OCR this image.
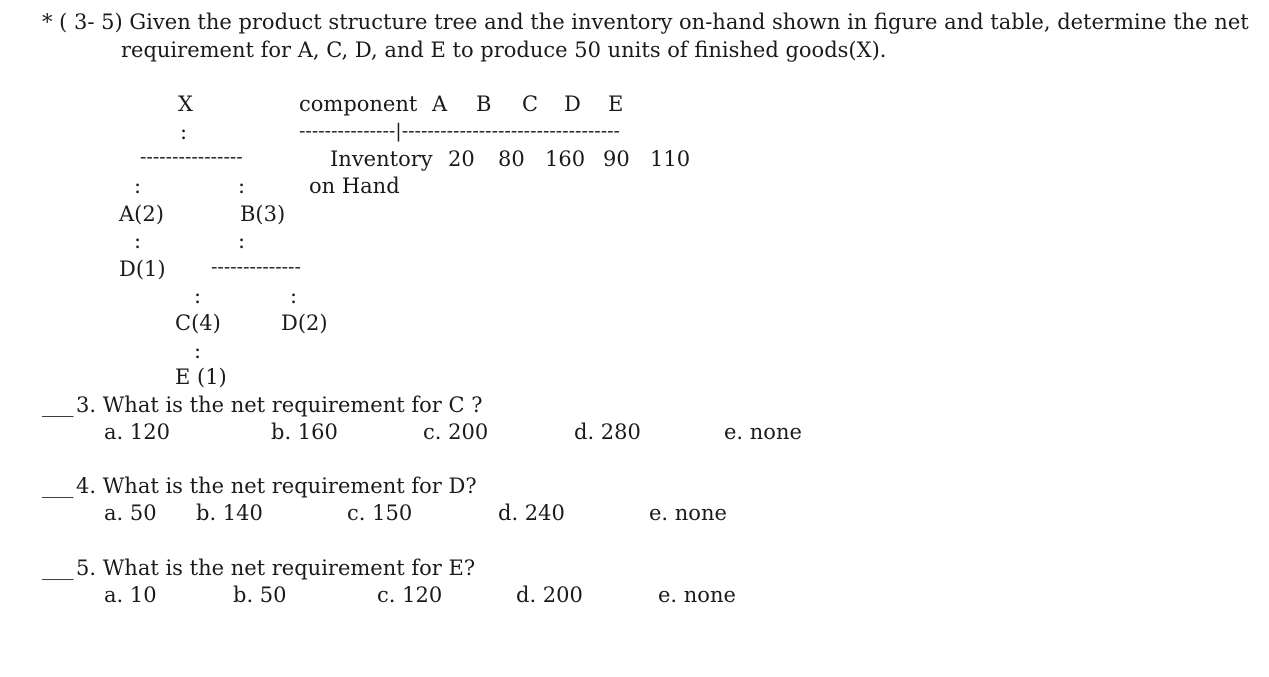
* ( 3- 5) Given the product structure tree and the inventory on-hand shown in figure and table, determine the net
requirement for A, C, D, and E to produce 50 units of finished goods(X).
X
:
----------------
:	:
A(2)	B(3)
:	:
D(1) --------------
:	:
C(4)	D(2)
:
E (1)
component A B C D E
---------------|----------------------------------
Inventory
on Hand
20 80 160 90 110
___ 3. What is the net requirement for C ?
a. 120	b. 160	c. 200	d. 280	e. none
___ 4. What is the net requirement for D?
a. 50 b. 140	c. 150	d. 240	e. none
___ 5. What is the net requirement for E?
a. 10	b. 50	c. 120	d. 200	e. none
